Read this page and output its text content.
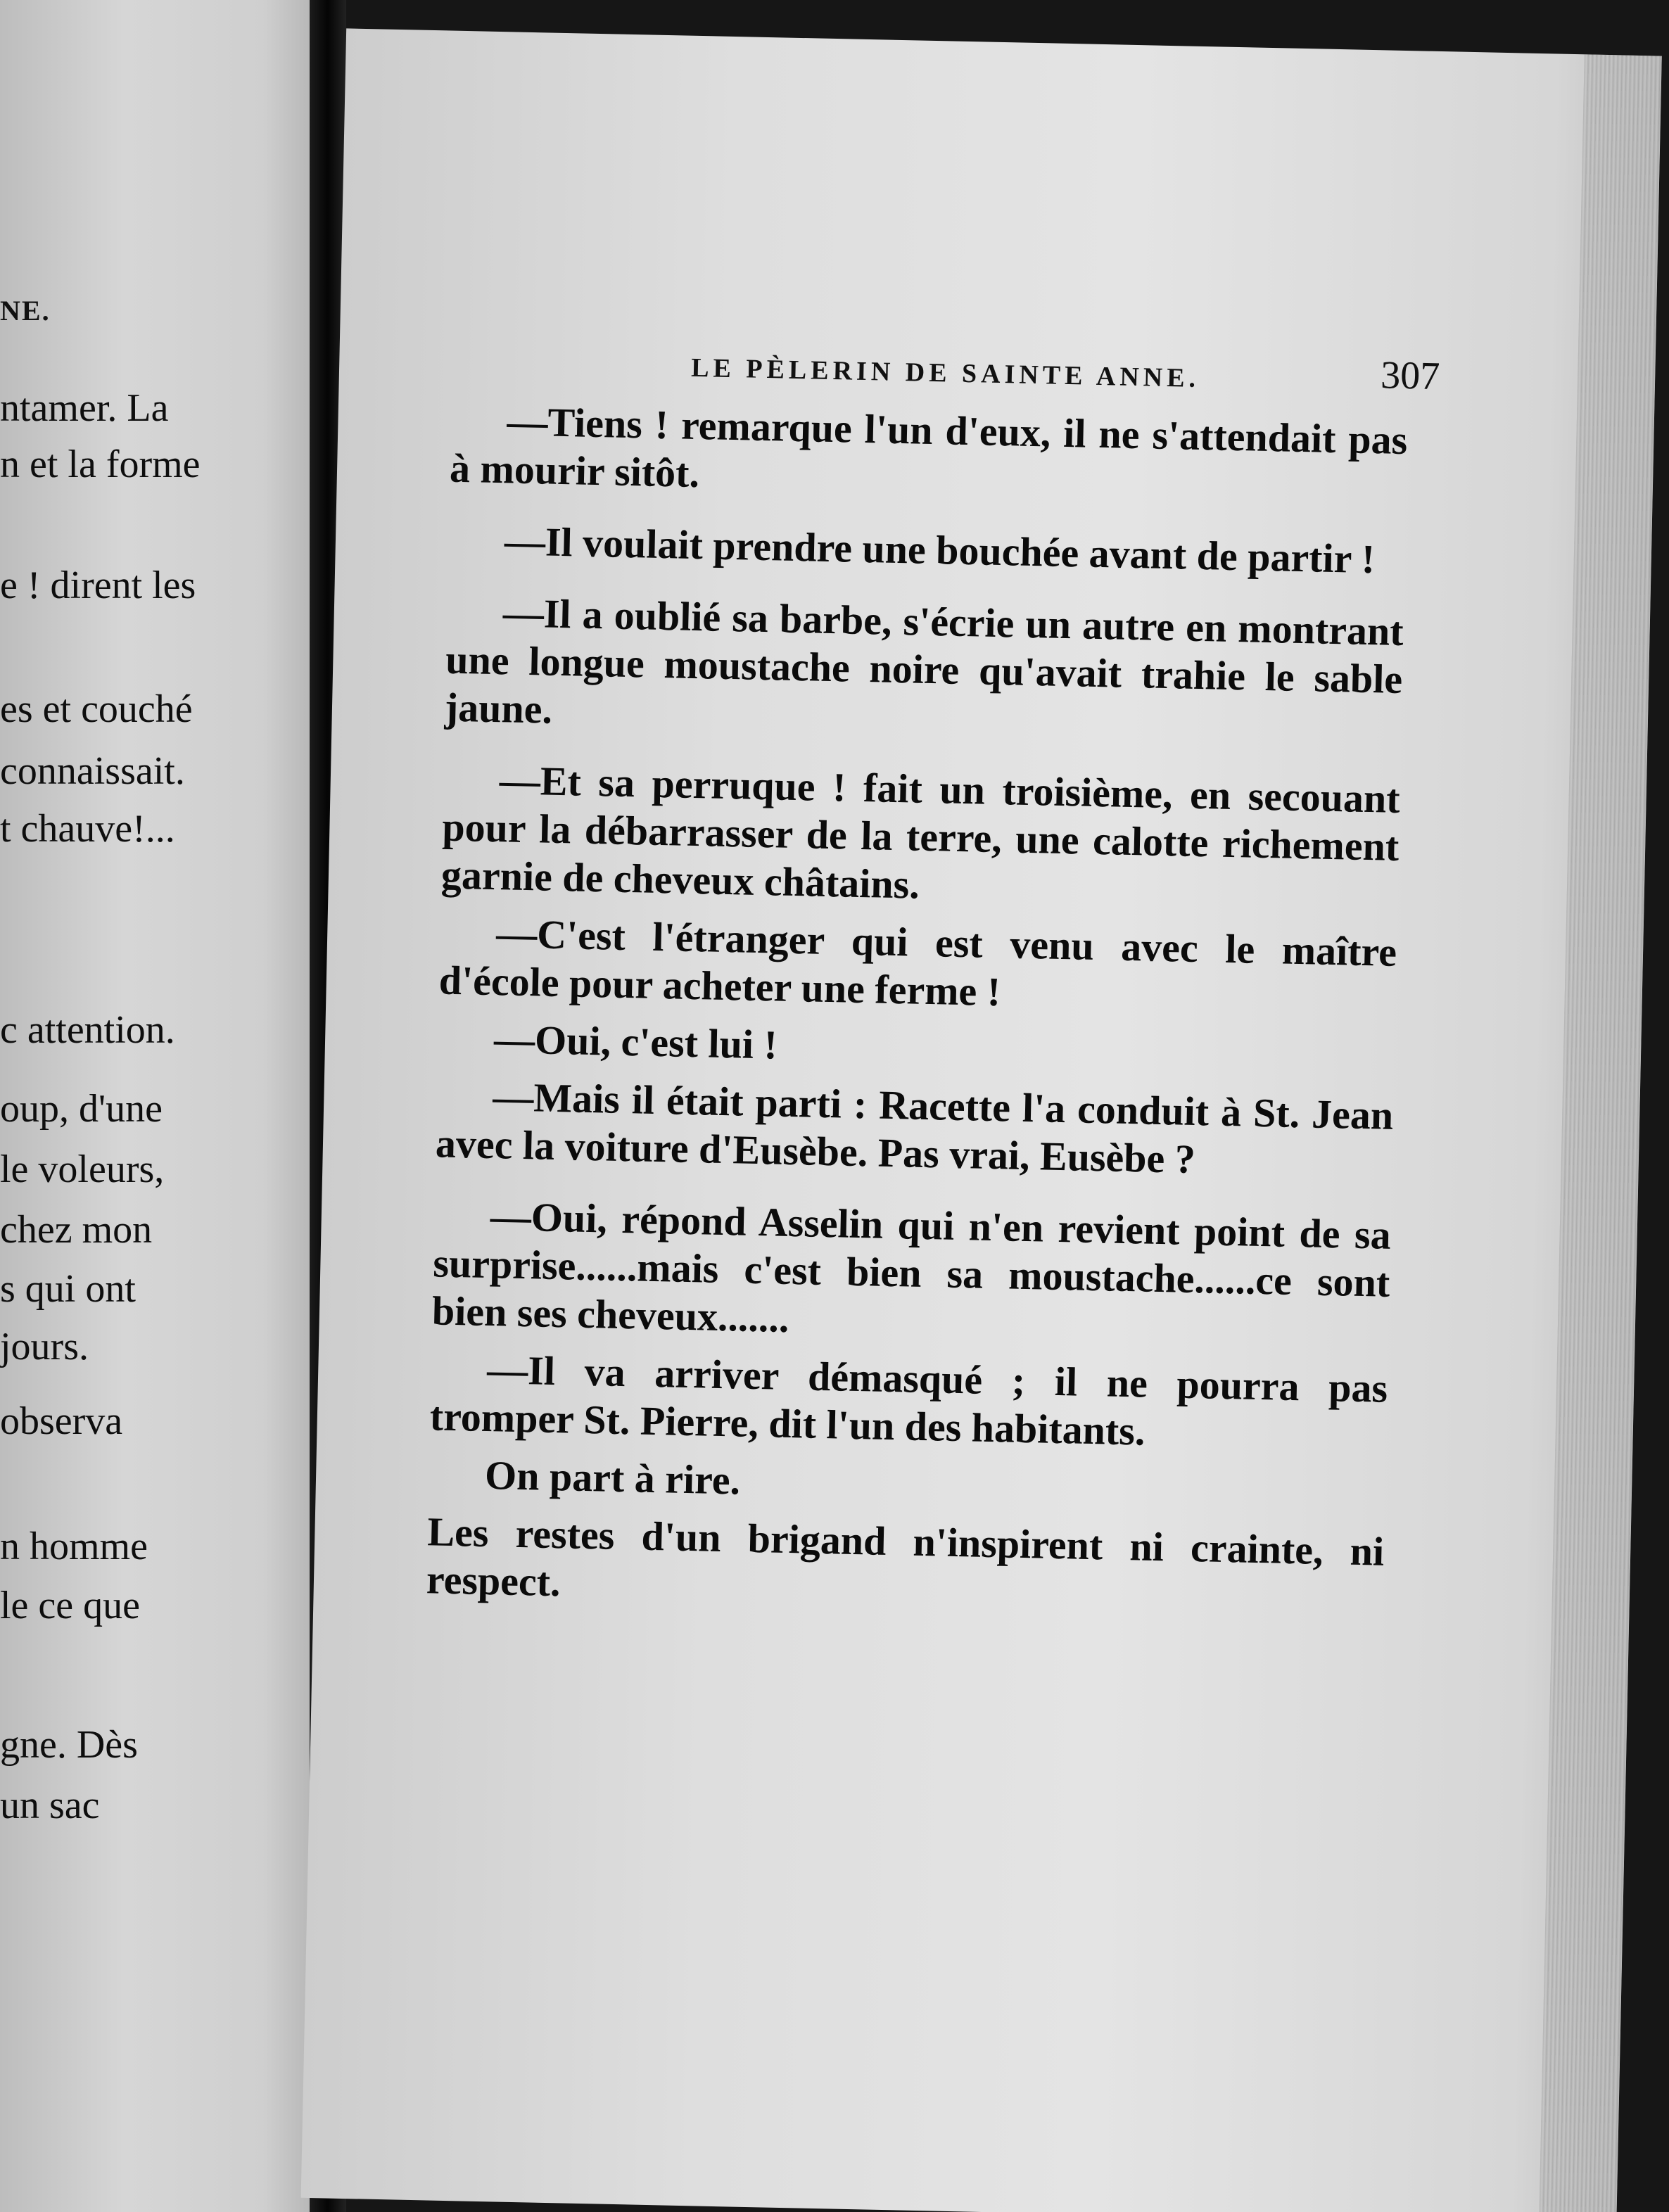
NE.
ntamer. La
n et la forme
e ! dirent les
es et couché
connaissait.
t chauve!...
c attention.
oup, d'une
le voleurs,
chez mon
s qui ont
jours.
observa
n homme
le ce que
gne. Dès
un sac
LE PÈLERIN DE SAINTE ANNE.	307

—Tiens ! remarque l'un d'eux, il ne s'attendait pas à mourir sitôt.

—Il voulait prendre une bouchée avant de partir !

—Il a oublié sa barbe, s'écrie un autre en montrant une longue moustache noire qu'avait trahie le sable jaune.

—Et sa perruque ! fait un troisième, en secouant pour la débarrasser de la terre, une calotte richement garnie de cheveux châtains.

—C'est l'étranger qui est venu avec le maître d'école pour acheter une ferme !

—Oui, c'est lui !

—Mais il était parti : Racette l'a conduit à St. Jean avec la voiture d'Eusèbe. Pas vrai, Eusèbe ?

—Oui, répond Asselin qui n'en revient point de sa surprise......mais c'est bien sa moustache......ce sont bien ses cheveux.......

—Il va arriver démasqué ; il ne pourra pas tromper St. Pierre, dit l'un des habitants.

On part à rire.

Les restes d'un brigand n'inspirent ni crainte, ni respect.
